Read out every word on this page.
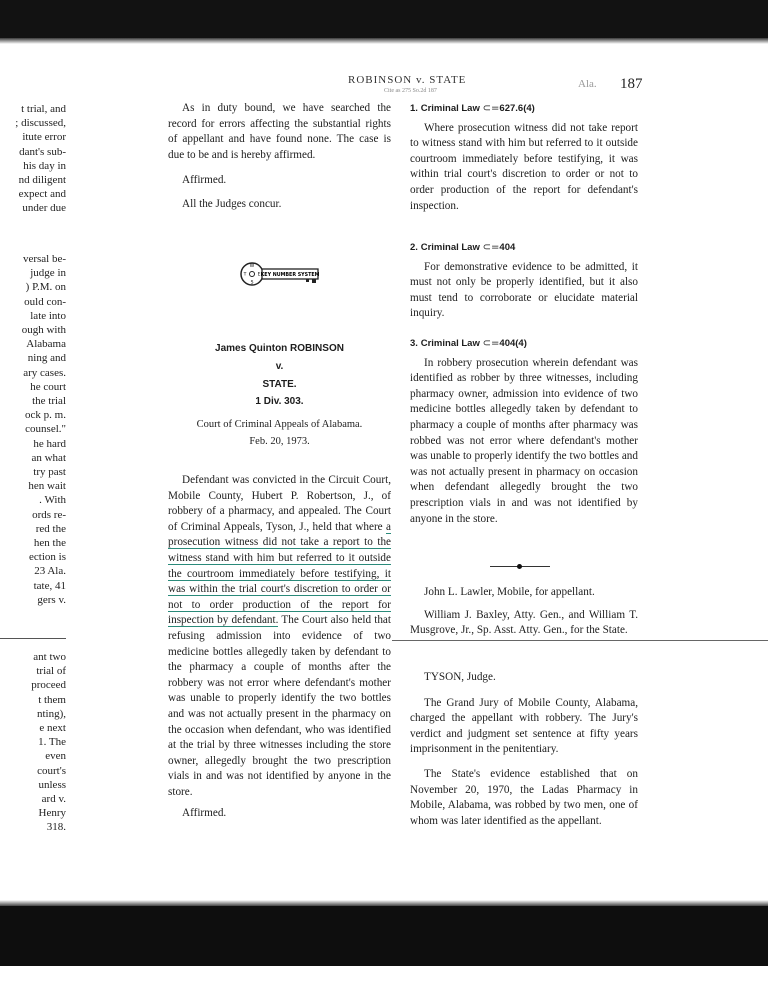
t trial, and
; discussed,
itute error
dant's sub-
his day in
nd diligent
expect and
under due
versal be-
judge in
) P.M. on
ould con-
late into
ough with
Alabama
ning and
ary cases.
he court
the trial
ock p. m.
counsel."
he hard
an what
try past
hen wait
. With
ords re-
red the
hen the
ection is
23 Ala.
tate, 41
gers v.
ant two
trial of
proceed
t them
nting),
e next
1. The
even
court's
unless
ard v.
Henry
318.
ROBINSON v. STATE
Cite as 275 So.2d 187
Ala. 187

As in duty bound, we have searched the record for errors affecting the substantial rights of appellant and have found none. The case is due to be and is hereby affirmed.

Affirmed.

All the Judges concur.

W
E
S
T	KEY NUMBER SYSTEM
James Quinton ROBINSON
v.
STATE.
1 Div. 303.
Court of Criminal Appeals of Alabama.
Feb. 20, 1973.

Defendant was convicted in the Circuit Court, Mobile County, Hubert P. Robertson, J., of robbery of a pharmacy, and appealed. The Court of Criminal Appeals, Tyson, J., held that where a prosecution witness did not take a report to the witness stand with him but referred to it outside the courtroom immediately before testifying, it was within the trial court's discretion to order or not to order production of the report for inspection by defendant. The Court also held that refusing admission into evidence of two medicine bottles allegedly taken by defendant to the pharmacy a couple of months after the robbery was not error where defendant's mother was unable to properly identify the two bottles and was not actually present in the pharmacy on the occasion when defendant, who was identified at the trial by three witnesses including the store owner, allegedly brought the two prescription vials in and was not identified by anyone in the store.

Affirmed.

1. Criminal Law ⊂=627.6(4)

Where prosecution witness did not take report to witness stand with him but referred to it outside courtroom immediately before testifying, it was within trial court's discretion to order or not to order production of the report for defendant's inspection.

2. Criminal Law ⊂=404

For demonstrative evidence to be admitted, it must not only be properly identified, but it also must tend to corroborate or elucidate material inquiry.

3. Criminal Law ⊂=404(4)

In robbery prosecution wherein defendant was identified as robber by three witnesses, including pharmacy owner, admission into evidence of two medicine bottles allegedly taken by defendant to pharmacy a couple of months after pharmacy was robbed was not error where defendant's mother was unable to properly identify the two bottles and was not actually present in pharmacy on occasion when defendant allegedly brought the two prescription vials in and was not identified by anyone in the store.

John L. Lawler, Mobile, for appellant.

William J. Baxley, Atty. Gen., and William T. Musgrove, Jr., Sp. Asst. Atty. Gen., for the State.

TYSON, Judge.

The Grand Jury of Mobile County, Alabama, charged the appellant with robbery. The Jury's verdict and judgment set sentence at fifty years imprisonment in the penitentiary.

The State's evidence established that on November 20, 1970, the Ladas Pharmacy in Mobile, Alabama, was robbed by two men, one of whom was later identified as the appellant.
